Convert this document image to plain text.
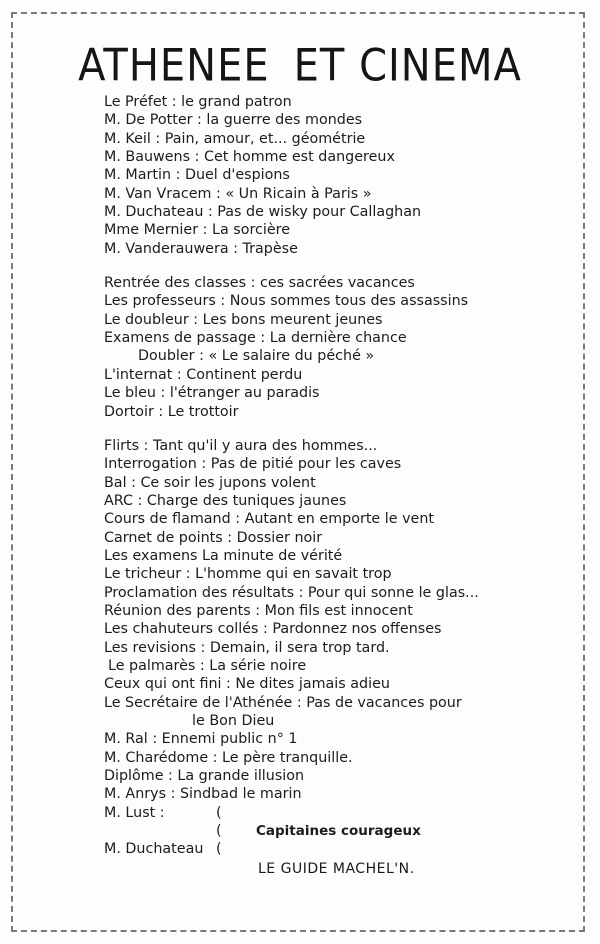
ATHENEE ET CINEMA
Le Préfet : le grand patron
M. De Potter : la guerre des mondes
M. Keil : Pain, amour, et... géométrie
M. Bauwens : Cet homme est dangereux
M. Martin : Duel d'espions
M. Van Vracem : « Un Ricain à Paris »
M. Duchateau : Pas de wisky pour Callaghan
Mme Mernier : La sorcière
M. Vanderauwera : Trapèse
Rentrée des classes : ces sacrées vacances
Les professeurs : Nous sommes tous des assassins
Le doubleur : Les bons meurent jeunes
Examens de passage : La dernière chance
Doubler : « Le salaire du péché »
L'internat : Continent perdu
Le bleu : l'étranger au paradis
Dortoir : Le trottoir
Flirts : Tant qu'il y aura des hommes...
Interrogation : Pas de pitié pour les caves
Bal : Ce soir les jupons volent
ARC : Charge des tuniques jaunes
Cours de flamand : Autant en emporte le vent
Carnet de points : Dossier noir
Les examens La minute de vérité
Le tricheur : L'homme qui en savait trop
Proclamation des résultats : Pour qui sonne le glas...
Réunion des parents : Mon fils est innocent
Les chahuteurs collés : Pardonnez nos offenses
Les revisions : Demain, il sera trop tard.
Le palmarès : La série noire
Ceux qui ont fini : Ne dites jamais adieu
Le Secrétaire de l'Athénée : Pas de vacances pour
le Bon Dieu
M. Ral : Ennemi public n° 1
M. Charédome : Le père tranquille.
Diplôme : La grande illusion
M. Anrys : Sindbad le marin
M. Lust :	(
(	Capitaines courageux
M. Duchateau (
LE GUIDE MACHEL'N.
